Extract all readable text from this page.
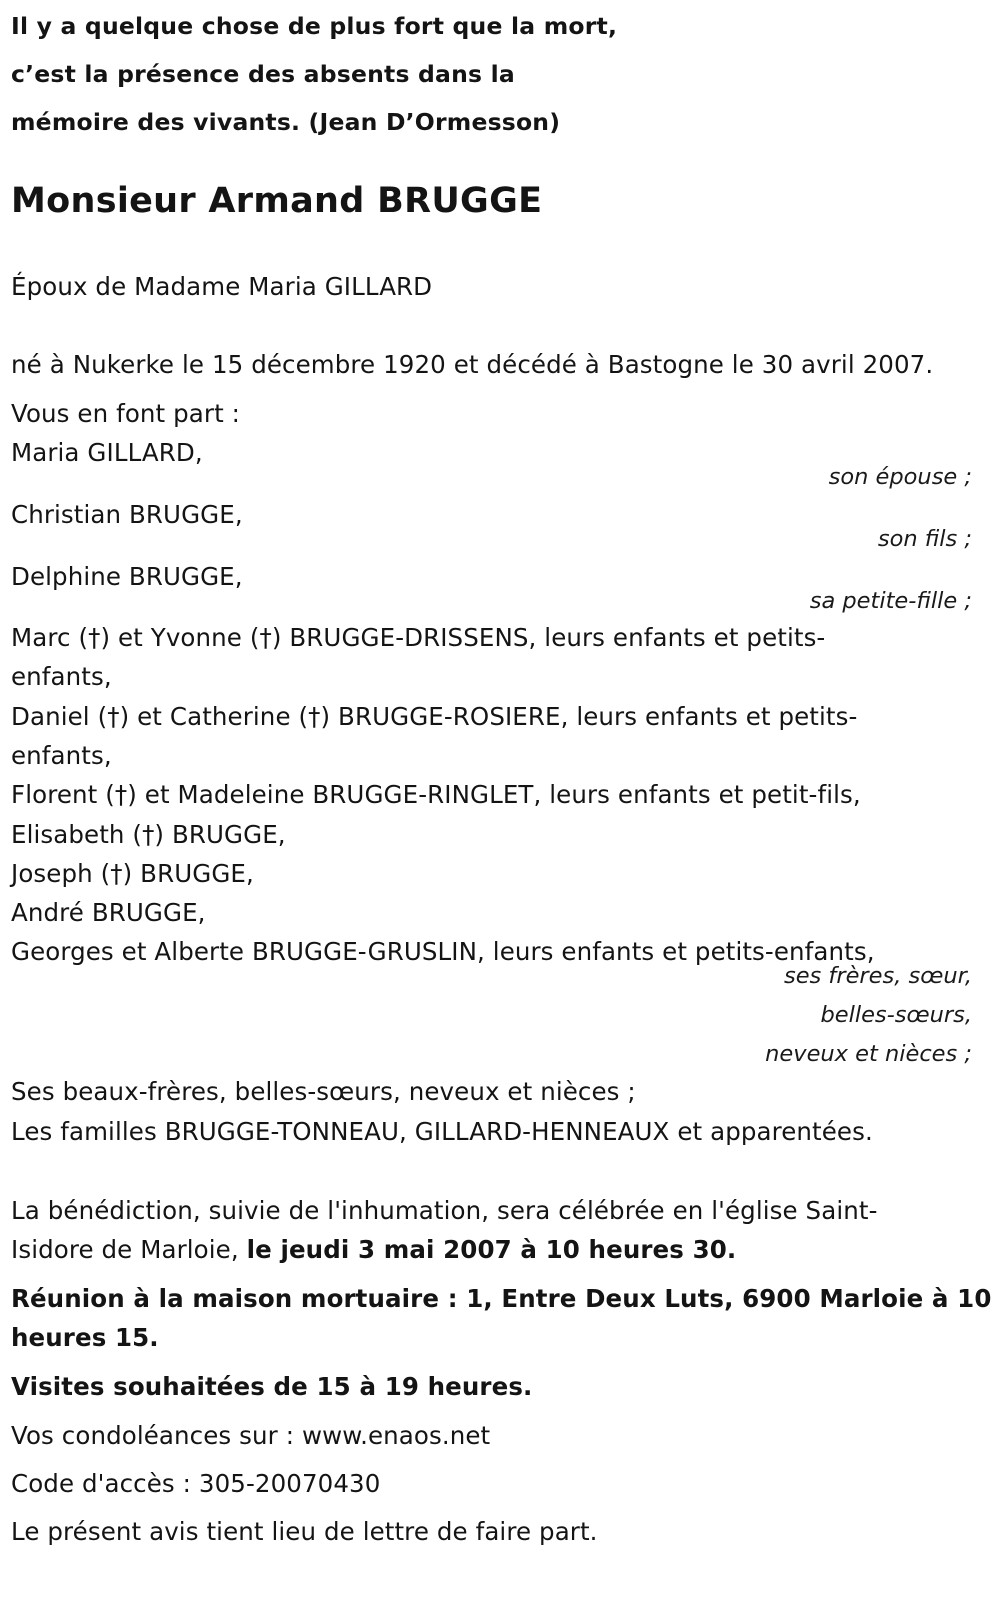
Il y a quelque chose de plus fort que la mort,
c’est la présence des absents dans la
mémoire des vivants. (Jean D’Ormesson)
Monsieur Armand BRUGGE
Époux de Madame Maria GILLARD
né à Nukerke le 15 décembre 1920 et décédé à Bastogne le 30 avril 2007.
Vous en font part :
Maria GILLARD,
son épouse ;
Christian BRUGGE,
son fils ;
Delphine BRUGGE,
sa petite-fille ;
Marc (†) et Yvonne (†) BRUGGE-DRISSENS, leurs enfants et petits-
enfants,
Daniel (†) et Catherine (†) BRUGGE-ROSIERE, leurs enfants et petits-
enfants,
Florent (†) et Madeleine BRUGGE-RINGLET, leurs enfants et petit-fils,
Elisabeth (†) BRUGGE,
Joseph (†) BRUGGE,
André BRUGGE,
Georges et Alberte BRUGGE-GRUSLIN, leurs enfants et petits-enfants,
ses frères, sœur,
belles-sœurs,
neveux et nièces ;
Ses beaux-frères, belles-sœurs, neveux et nièces ;
Les familles BRUGGE-TONNEAU, GILLARD-HENNEAUX et apparentées.
La bénédiction, suivie de l'inhumation, sera célébrée en l'église Saint-
Isidore de Marloie, le jeudi 3 mai 2007 à 10 heures 30.
Réunion à la maison mortuaire : 1, Entre Deux Luts, 6900 Marloie à 10
heures 15.
Visites souhaitées de 15 à 19 heures.
Vos condoléances sur : www.enaos.net
Code d'accès : 305-20070430
Le présent avis tient lieu de lettre de faire part.
